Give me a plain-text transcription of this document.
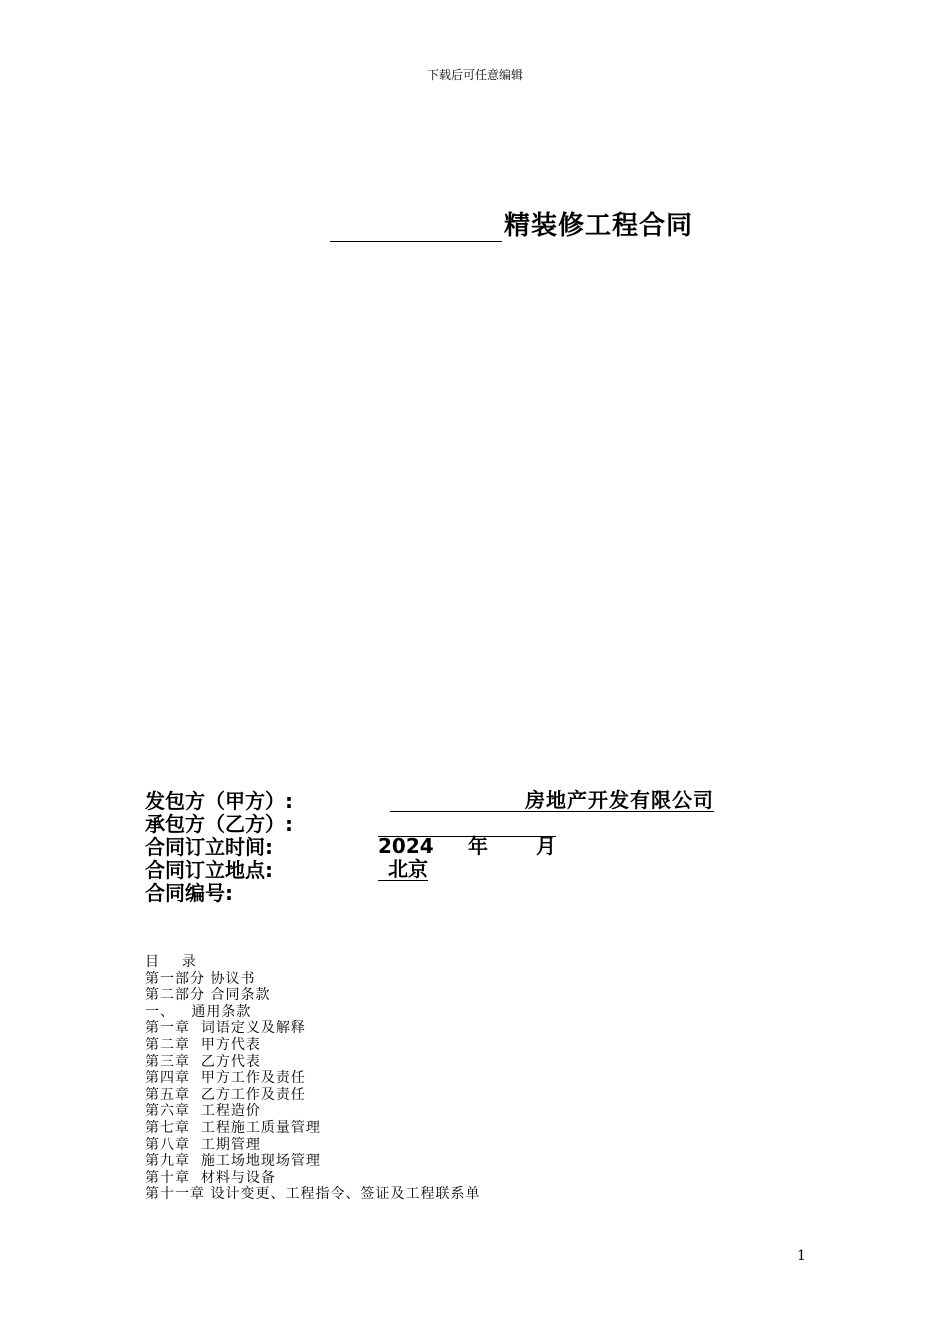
下载后可任意编辑
精装修工程合同
发包方（甲方）:	房地产开发有限公司
承包方（乙方）:
合同订立时间:	2024 年 月
合同订立地点:	北京
合同编号:
目    录
第一部分 协议书
第二部分 合同条款
一、   通用条款
第一章  词语定义及解释
第二章  甲方代表
第三章  乙方代表
第四章  甲方工作及责任
第五章  乙方工作及责任
第六章  工程造价
第七章  工程施工质量管理
第八章  工期管理
第九章  施工场地现场管理
第十章  材料与设备
第十一章 设计变更、工程指令、签证及工程联系单
1
